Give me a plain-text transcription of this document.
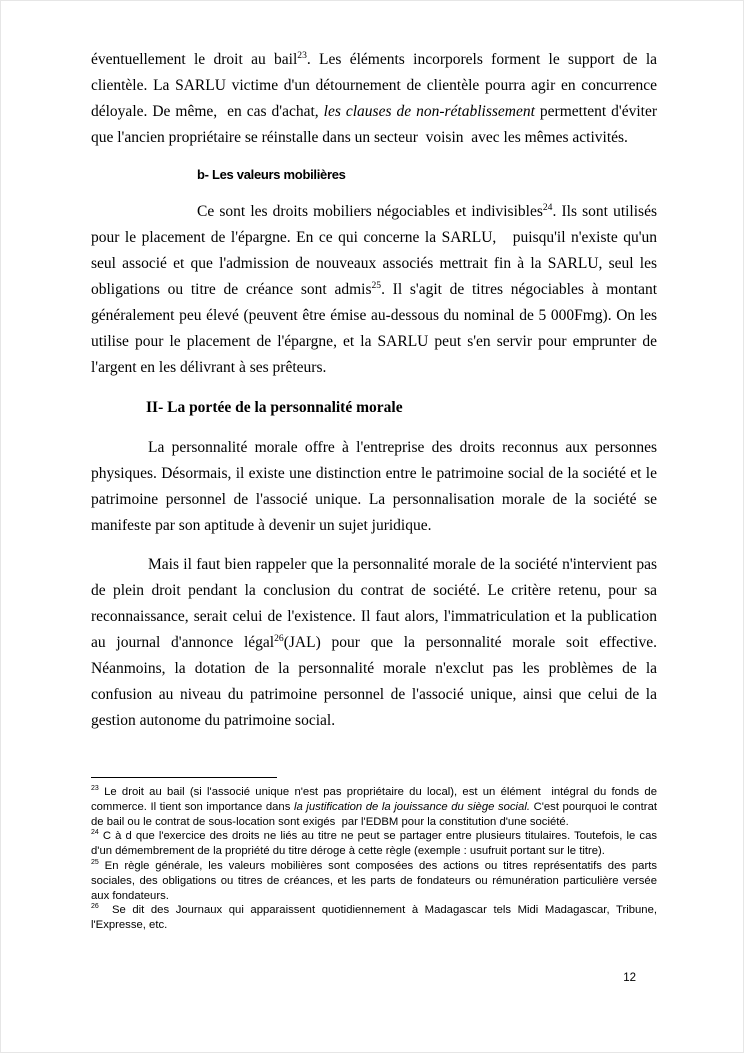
éventuellement le droit au bail$^{23}$. Les éléments incorporels forment le support de la clientèle. La SARLU victime d'un détournement de clientèle pourra agir en concurrence déloyale. De même,  en cas d'achat, les clauses de non-rétablissement permettent d'éviter que l'ancien propriétaire se réinstalle dans un secteur  voisin  avec les mêmes activités.

b- Les valeurs mobilières

Ce sont les droits mobiliers négociables et indivisibles$^{24}$. Ils sont utilisés pour le placement de l'épargne. En ce qui concerne la SARLU,   puisqu'il n'existe qu'un seul associé et que l'admission de nouveaux associés mettrait fin à la SARLU, seul les obligations ou titre de créance sont admis$^{25}$. Il s'agit de titres négociables à montant généralement peu élevé (peuvent être émise au-dessous du nominal de 5 000Fmg). On les utilise pour le placement de l'épargne, et la SARLU peut s'en servir pour emprunter de l'argent en les délivrant à ses prêteurs.

II- La portée de la personnalité morale

La personnalité morale offre à l'entreprise des droits reconnus aux personnes physiques. Désormais, il existe une distinction entre le patrimoine social de la société et le patrimoine personnel de l'associé unique. La personnalisation morale de la société se manifeste par son aptitude à devenir un sujet juridique.

Mais il faut bien rappeler que la personnalité morale de la société n'intervient pas de plein droit pendant la conclusion du contrat de société. Le critère retenu, pour sa reconnaissance, serait celui de l'existence. Il faut alors, l'immatriculation et la publication au journal d'annonce légal$^{26}$(JAL) pour que la personnalité morale soit effective. Néanmoins, la dotation de la personnalité morale n'exclut pas les problèmes de la confusion au niveau du patrimoine personnel de l'associé unique, ainsi que celui de la gestion autonome du patrimoine social.

$^{23}$ Le droit au bail (si l'associé unique n'est pas propriétaire du local), est un élément  intégral du fonds de commerce. Il tient son importance dans la justification de la jouissance du siège social. C'est pourquoi le contrat de bail ou le contrat de sous-location sont exigés  par l'EDBM pour la constitution d'une société.

$^{24}$ C à d que l'exercice des droits ne liés au titre ne peut se partager entre plusieurs titulaires. Toutefois, le cas d'un démembrement de la propriété du titre déroge à cette règle (exemple : usufruit portant sur le titre).

$^{25}$ En règle générale, les valeurs mobilières sont composées des actions ou titres représentatifs des parts sociales, des obligations ou titres de créances, et les parts de fondateurs ou rémunération particulière versée aux fondateurs.

$^{26}$  Se dit des Journaux qui apparaissent quotidiennement à Madagascar tels Midi Madagascar, Tribune, l'Expresse, etc.

12
